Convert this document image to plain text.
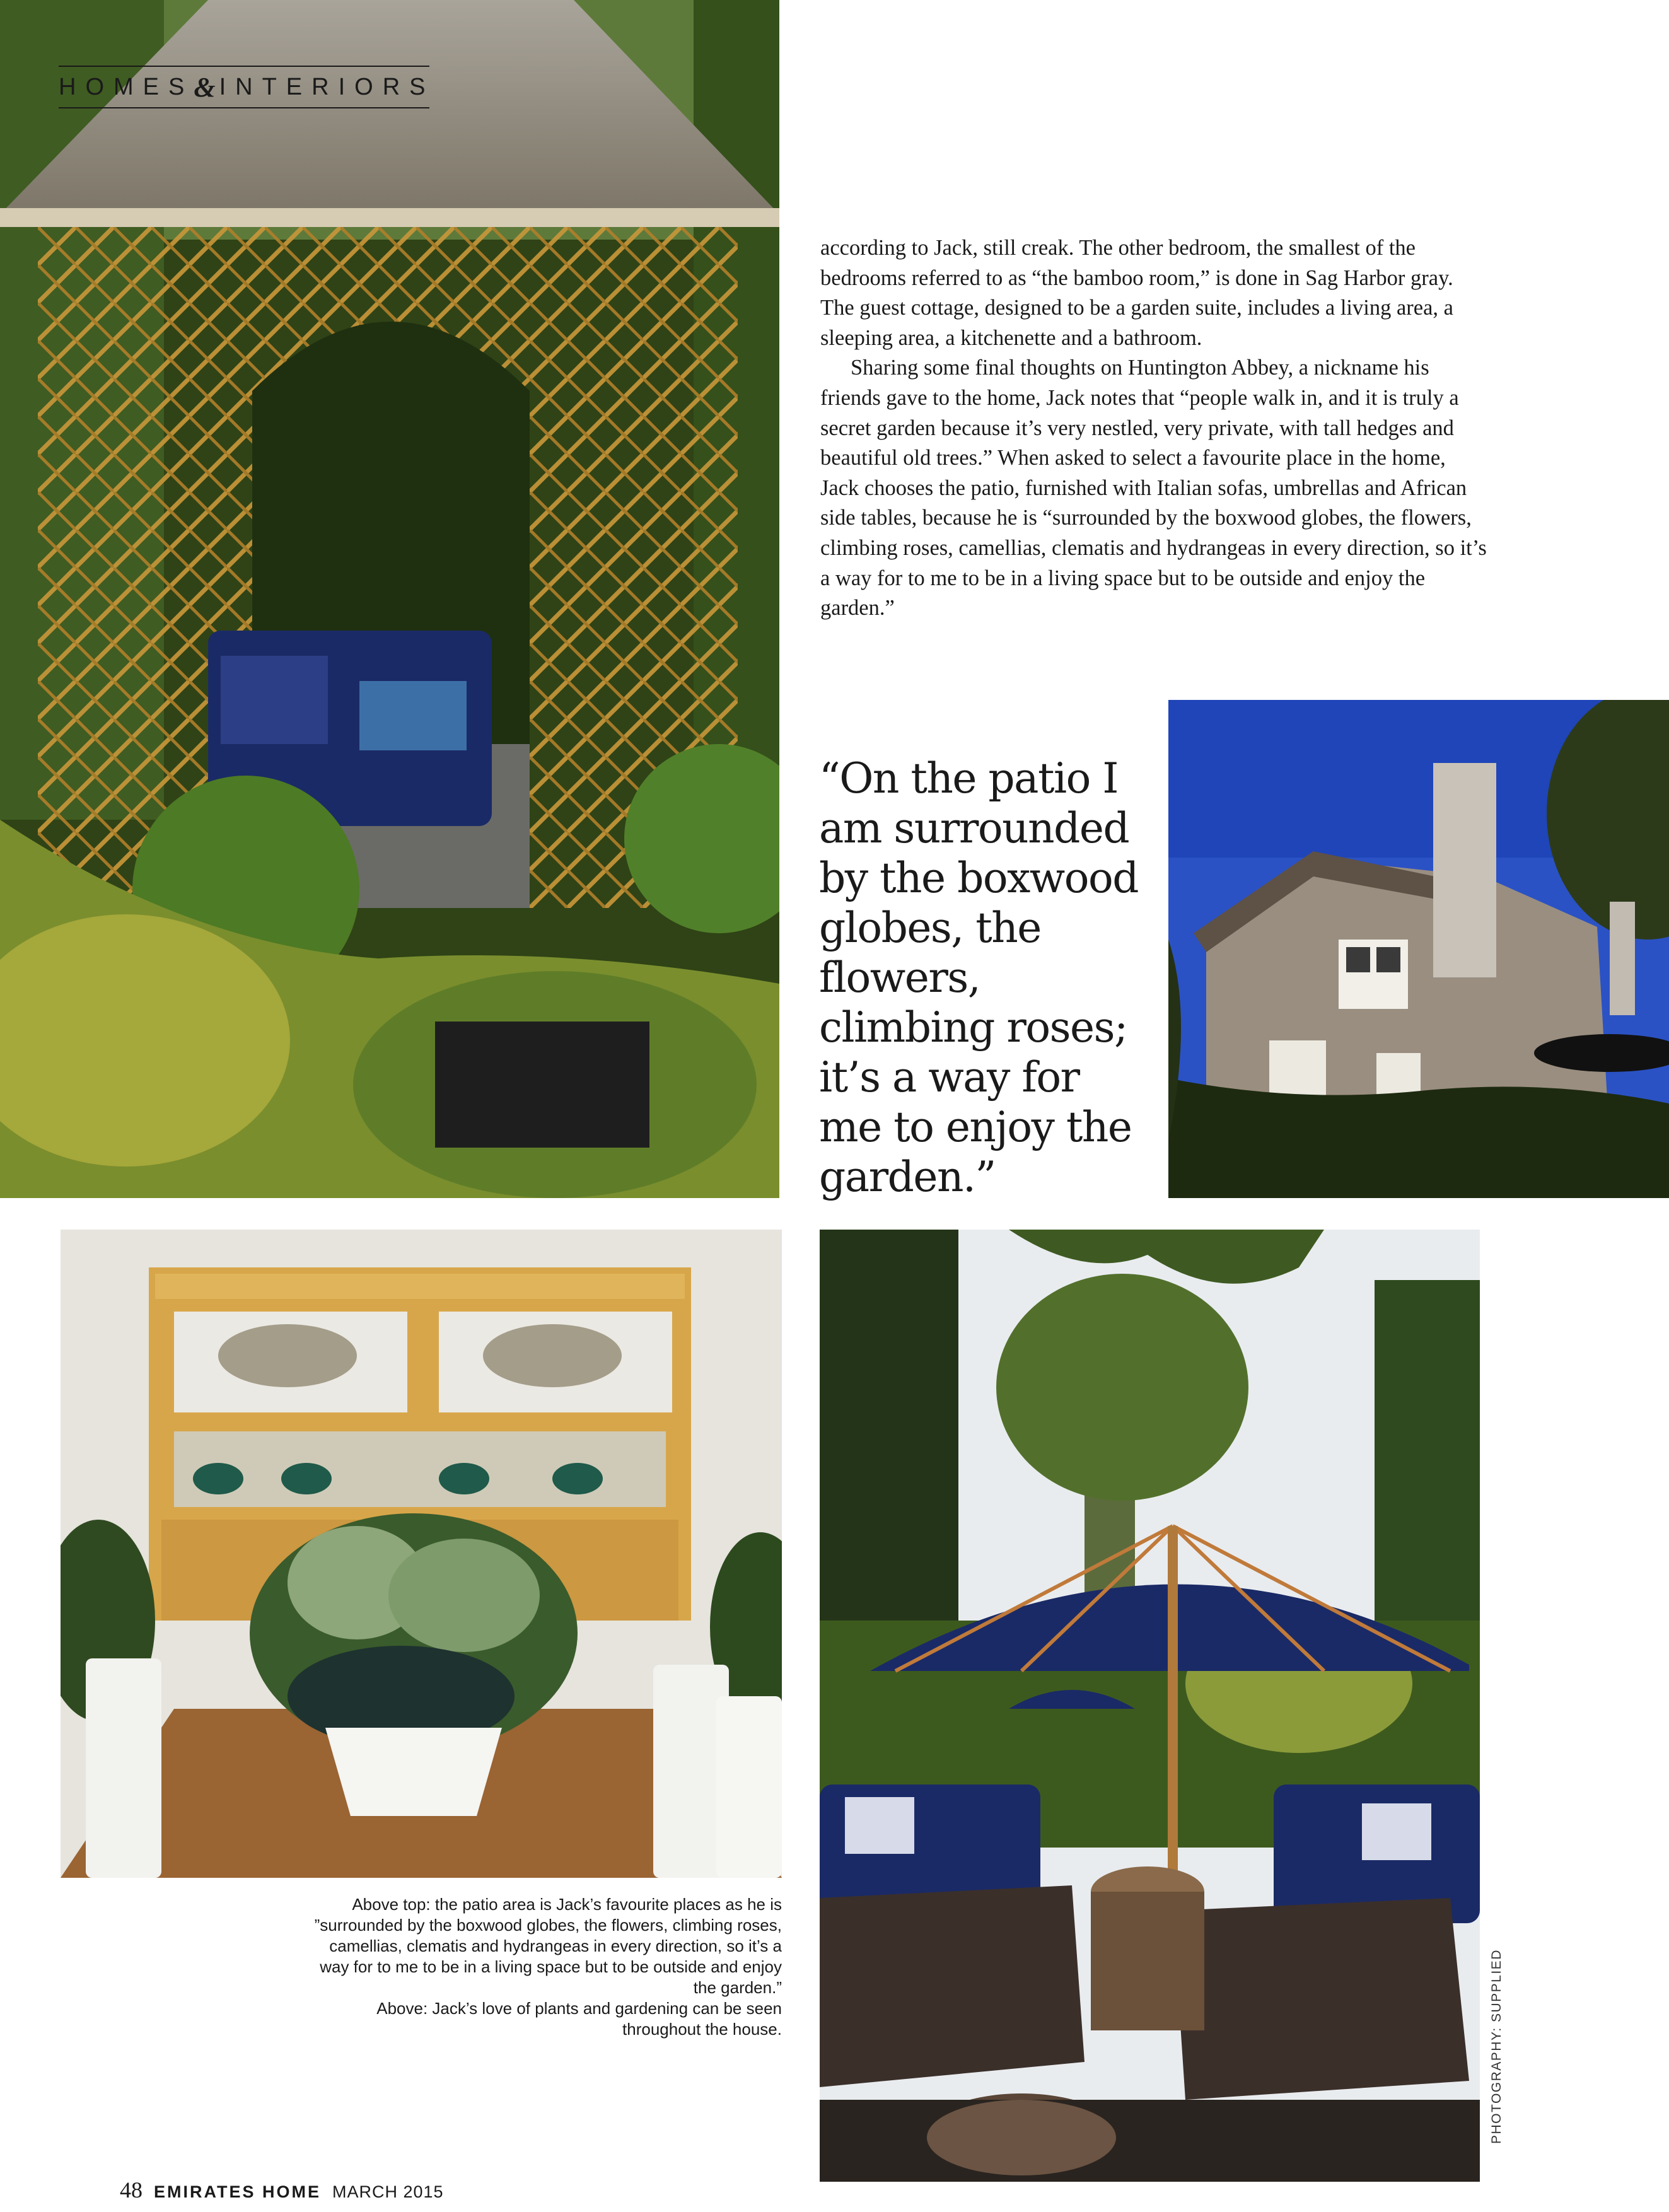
HOMES & INTERIORS

according to Jack, still creak. The other bedroom, the smallest of the bedrooms referred to as “the bamboo room,” is done in Sag Harbor gray. The guest cottage, designed to be a garden suite, includes a living area, a sleeping area, a kitchenette and a bathroom.

Sharing some final thoughts on Huntington Abbey, a nickname his friends gave to the home, Jack notes that “people walk in, and it is truly a secret garden because it’s very nestled, very private, with tall hedges and beautiful old trees.” When asked to select a favourite place in the home, Jack chooses the patio, furnished with Italian sofas, umbrellas and African side tables, because he is “surrounded by the boxwood globes, the flowers, climbing roses, camellias, clematis and hydrangeas in every direction, so it’s a way for to me to be in a living space but to be outside and enjoy the garden.”

“On the patio I am surrounded by the boxwood globes, the flowers, climbing roses; it’s a way for me to enjoy the garden.”

Above top: the patio area is Jack’s favourite places as he is ”surrounded by the boxwood globes, the flowers, climbing roses, camellias, clematis and hydrangeas in every direction, so it’s a way for to me to be in a living space but to be outside and enjoy the garden.”

Above: Jack’s love of plants and gardening can be seen throughout the house.	PHOTOGRAPHY: SUPPLIED
48 EMIRATES HOME MARCH 2015
